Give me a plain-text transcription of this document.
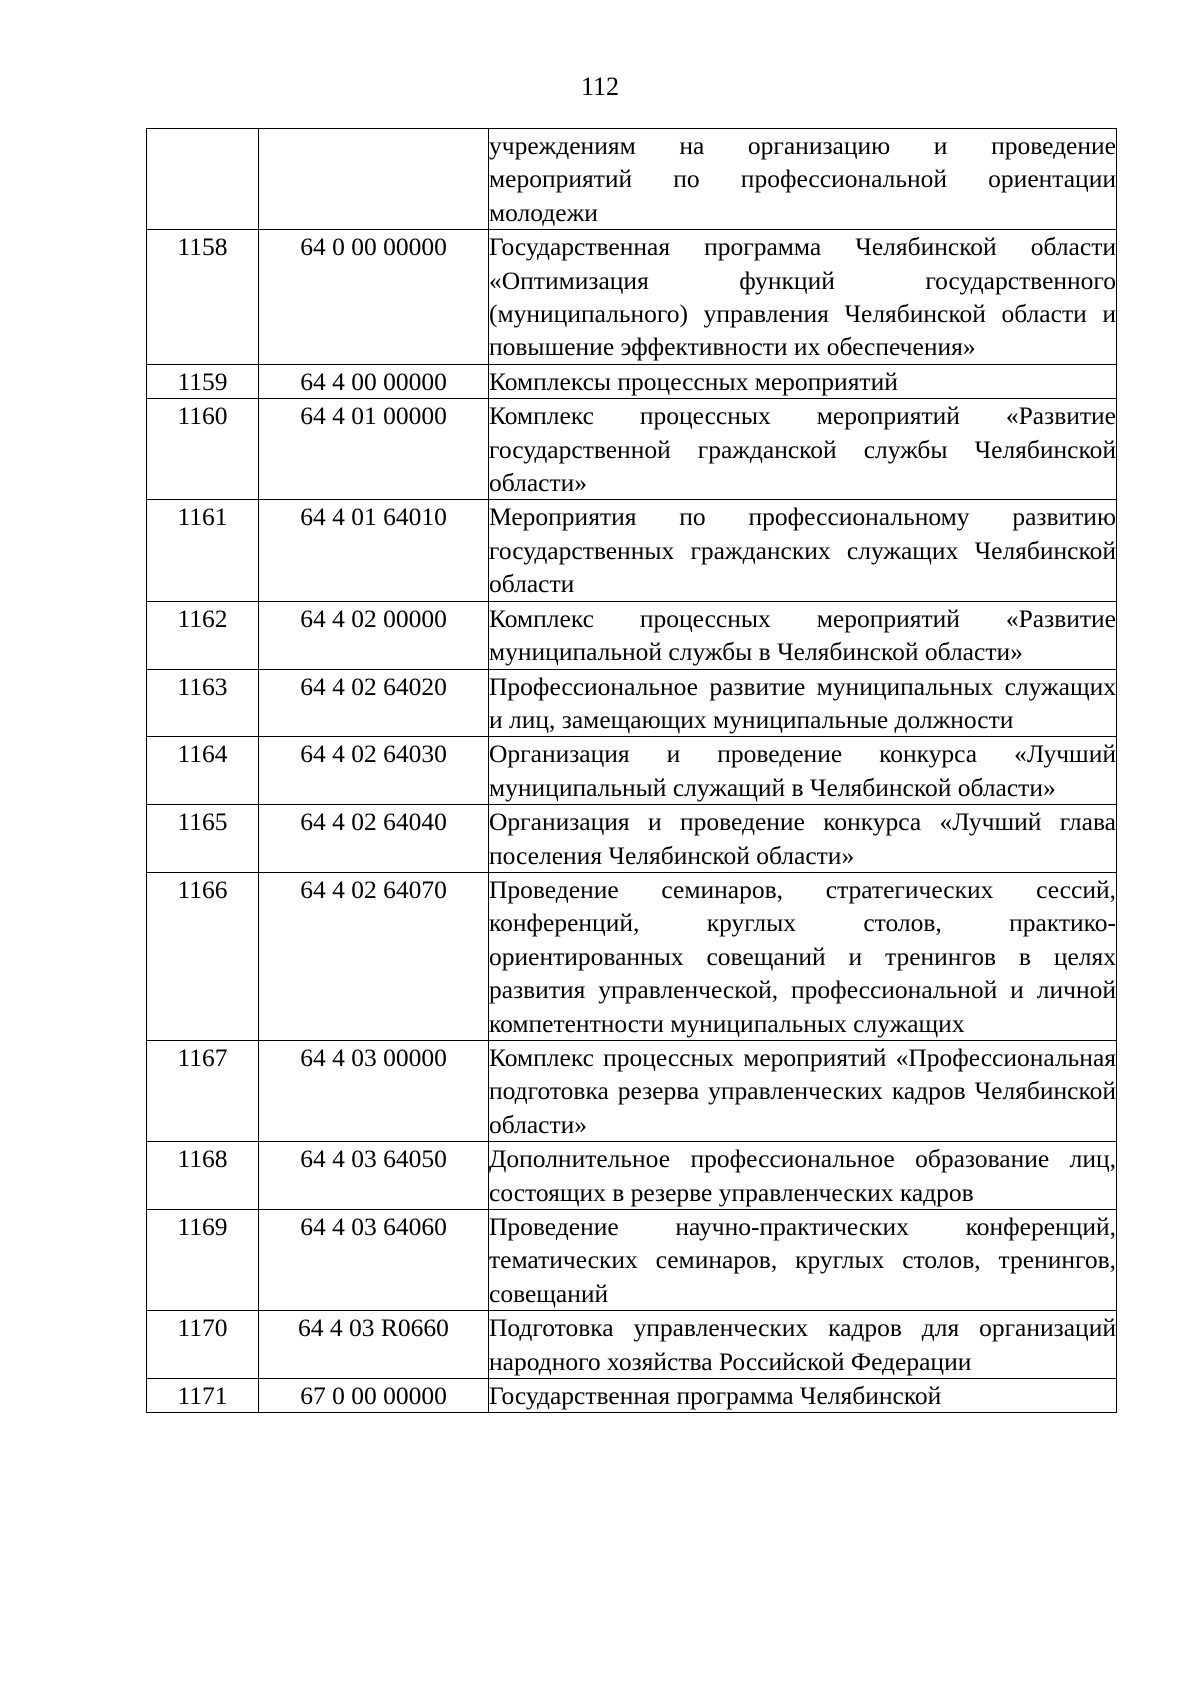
112
		учреждениям на организацию и проведение мероприятий по профессиональной ориентации молодежи
1158	64 0 00 00000	Государственная программа Челябинской области «Оптимизация функций государственного (муниципального) управления Челябинской области и повышение эффективности их обеспечения»
1159	64 4 00 00000	Комплексы процессных мероприятий
1160	64 4 01 00000	Комплекс процессных мероприятий «Развитие государственной гражданской службы Челябинской области»
1161	64 4 01 64010	Мероприятия по профессиональному развитию государственных гражданских служащих Челябинской области
1162	64 4 02 00000	Комплекс процессных мероприятий «Развитие муниципальной службы в Челябинской области»
1163	64 4 02 64020	Профессиональное развитие муниципальных служащих и лиц, замещающих муниципальные должности
1164	64 4 02 64030	Организация и проведение конкурса «Лучший муниципальный служащий в Челябинской области»
1165	64 4 02 64040	Организация и проведение конкурса «Лучший глава поселения Челябинской области»
1166	64 4 02 64070	Проведение семинаров, стратегических сессий, конференций, круглых столов, практико-ориентированных совещаний и тренингов в целях развития управленческой, профессиональной и личной компетентности муниципальных служащих
1167	64 4 03 00000	Комплекс процессных мероприятий «Профессиональная подготовка резерва управленческих кадров Челябинской области»
1168	64 4 03 64050	Дополнительное профессиональное образование лиц, состоящих в резерве управленческих кадров
1169	64 4 03 64060	Проведение научно-практических конференций, тематических семинаров, круглых столов, тренингов, совещаний
1170	64 4 03 R0660	Подготовка управленческих кадров для организаций народного хозяйства Российской Федерации
1171	67 0 00 00000	Государственная программа Челябинской
